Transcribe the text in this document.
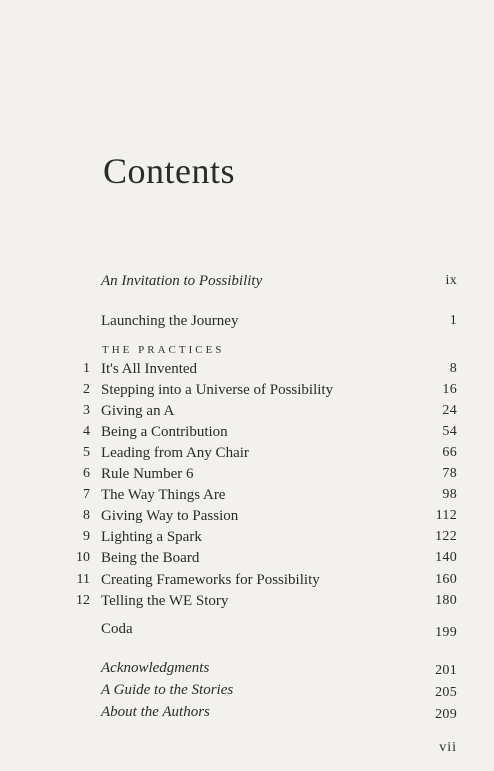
Contents
An Invitation to Possibility	ix
Launching the Journey	1
THE PRACTICES
1 It's All Invented	8
2 Stepping into a Universe of Possibility	16
3 Giving an A	24
4 Being a Contribution	54
5 Leading from Any Chair	66
6 Rule Number 6	78
7 The Way Things Are	98
8 Giving Way to Passion	112
9 Lighting a Spark	122
10 Being the Board	140
11 Creating Frameworks for Possibility	160
12 Telling the WE Story	180
Coda	199
Acknowledgments	201
A Guide to the Stories	205
About the Authors	209
vii
